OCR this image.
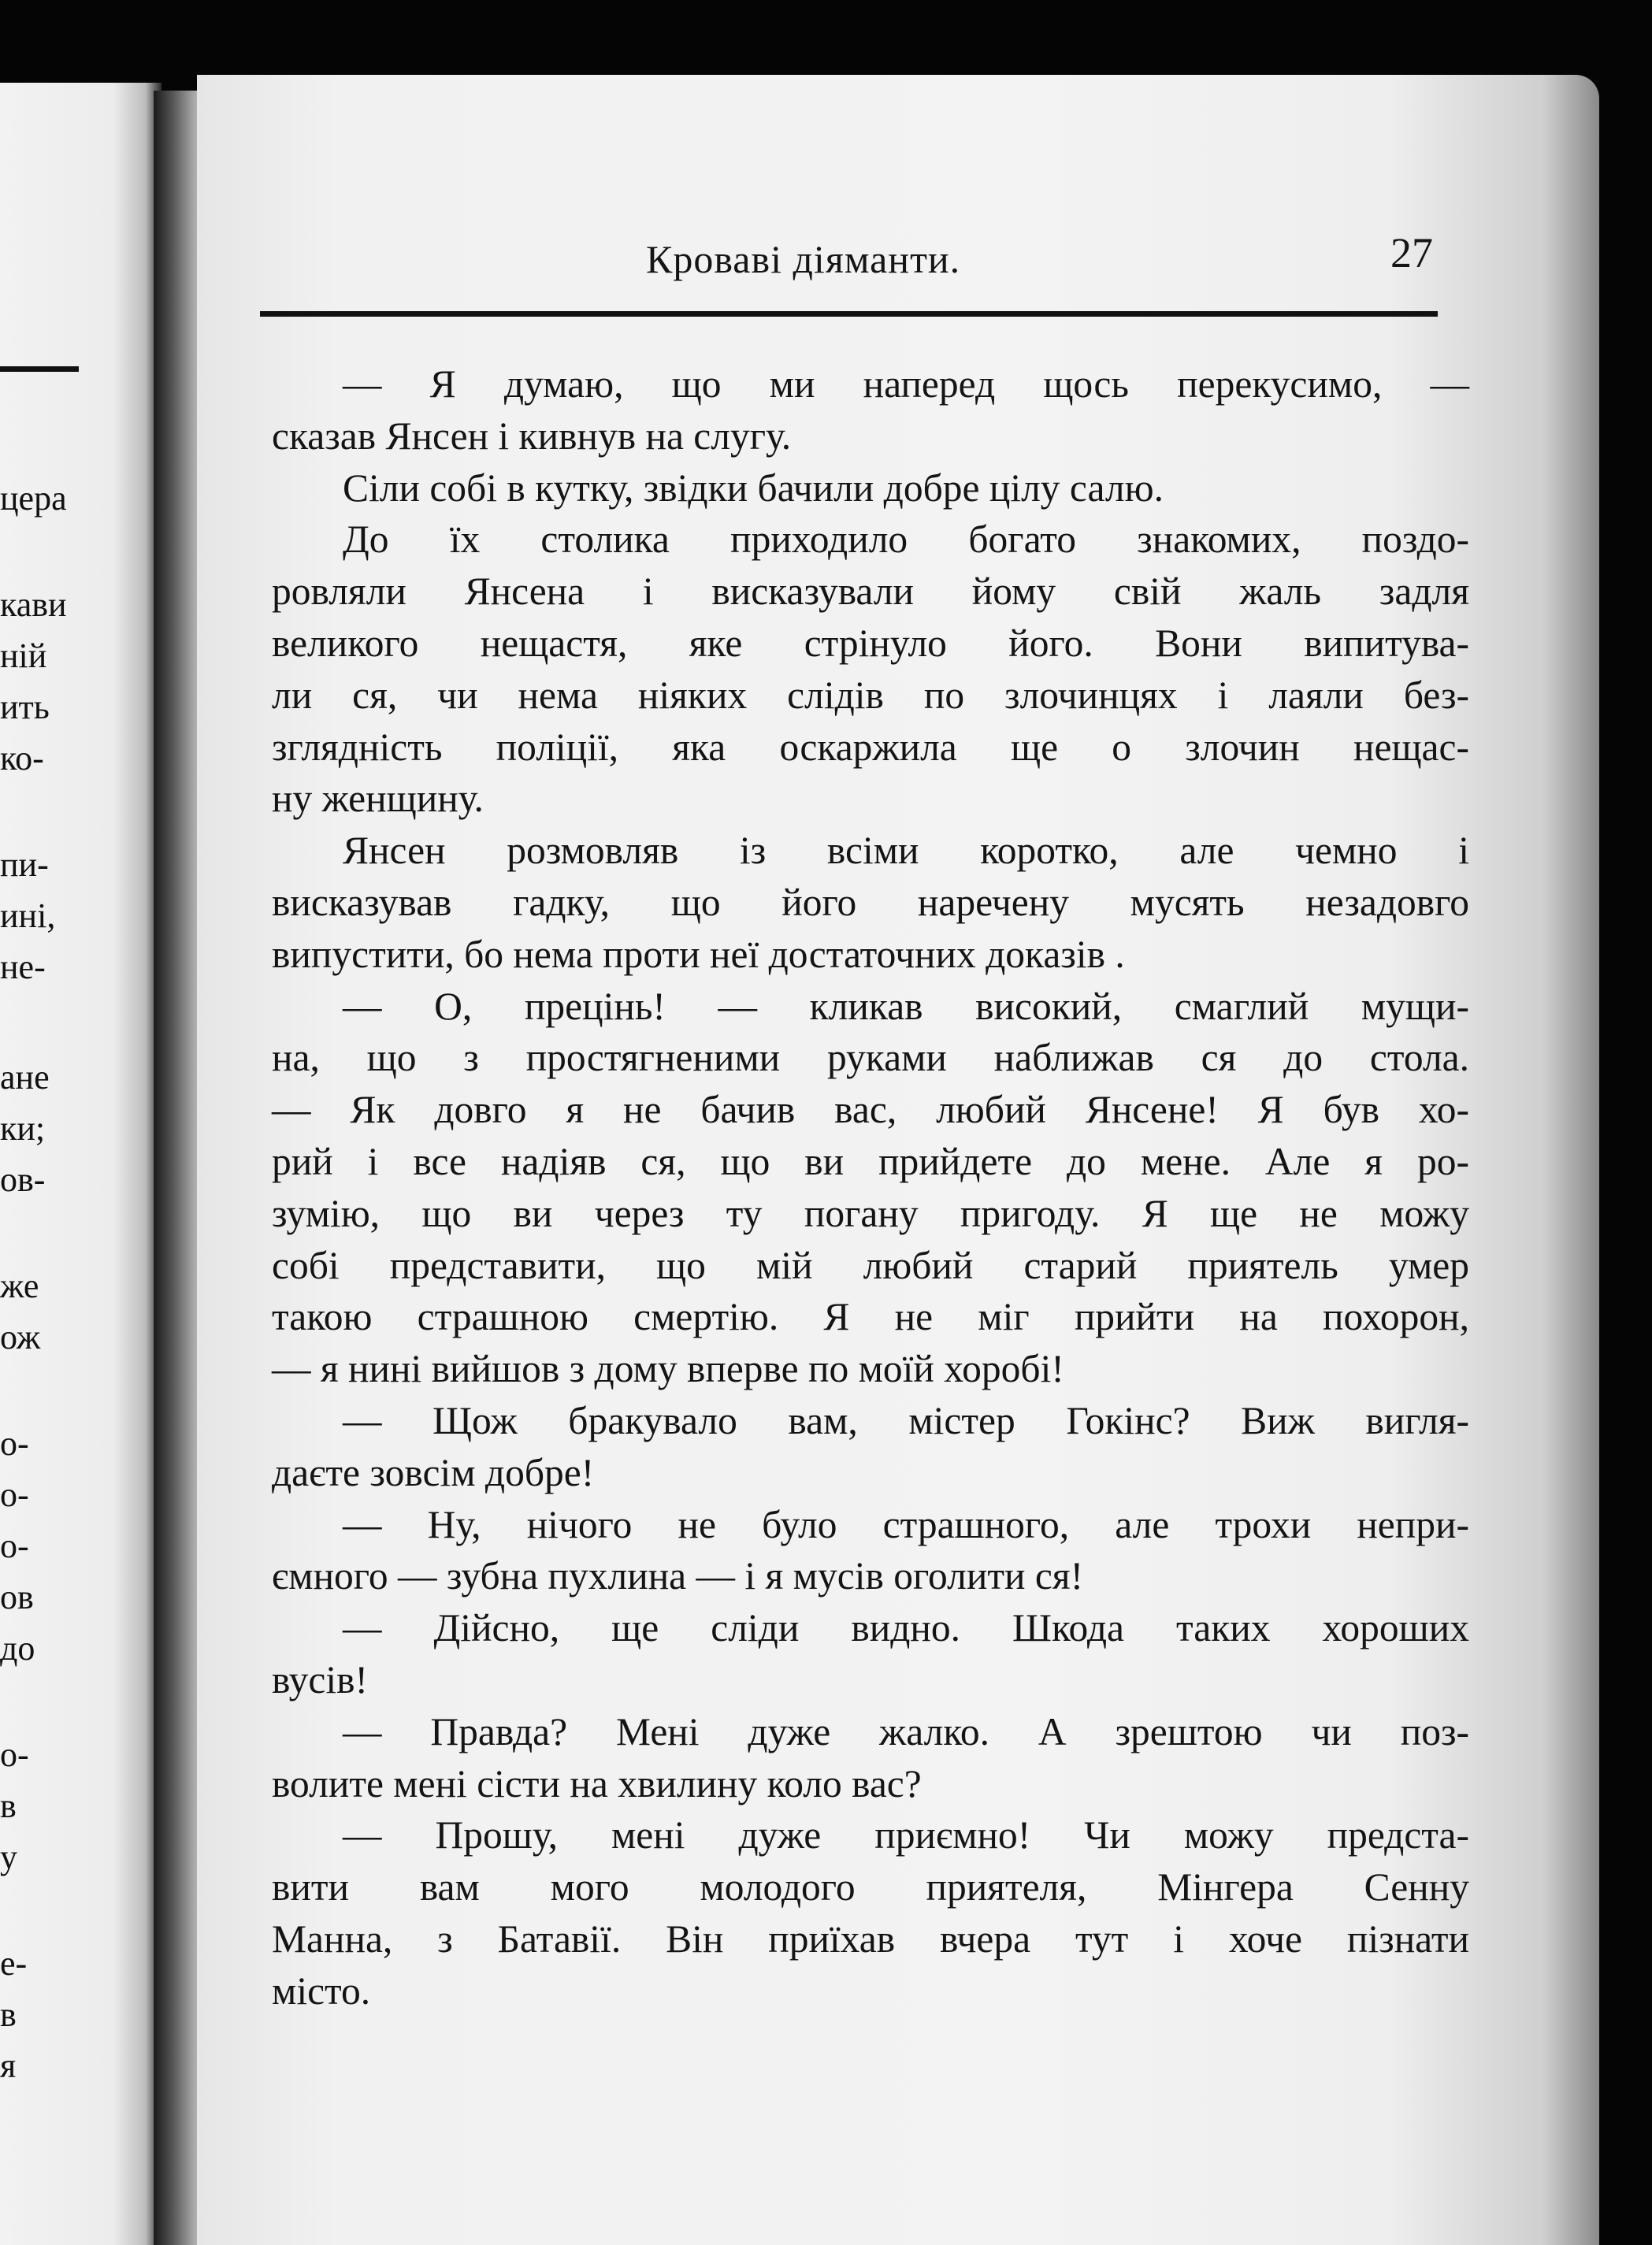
цера
кави
ній
ить
ко-
пи-
инi,
не-
ане
ки;
ов-
же
ож
о-
о-
о-
ов
до
о-
в
у
е-
в
я
Кроваві діяманти.	27
— Я думаю, що ми наперед щось перекусимо, —
сказав Янсен і кивнув на слугу.
Сіли собі в кутку, звідки бачили добре цілу салю.
До їх столика приходило богато знакомих, поздо-
ровляли Янсена і висказували йому свій жаль задля
великого нещастя, яке стрінуло його. Вони випитува-
ли ся, чи нема ніяких слідів по злочинцях і лаяли без-
зглядність поліції, яка оскаржила ще о злочин нещас-
ну женщину.
Янсен розмовляв із всіми коротко, але чемно і
висказував гадку, що його наречену мусять незадовго
випустити, бо нема проти неї достаточних доказів .
— О, прецінь! — кликав високий, смаглий мущи-
на, що з простягненими руками наближав ся до стола.
— Як довго я не бачив вас, любий Янсене! Я був хо-
рий і все надіяв ся, що ви прийдете до мене. Але я ро-
зумію, що ви через ту погану пригоду. Я ще не можу
собі представити, що мій любий старий приятель умер
такою страшною смертію. Я не міг прийти на похорон,
— я нині вийшов з дому вперве по моїй хоробі!
— Щож бракувало вам, містер Гокінс? Виж вигля-
даєте зовсім добре!
— Ну, нічого не було страшного, але трохи непри-
ємного — зубна пухлина — і я мусів оголити ся!
— Дійсно, ще сліди видно. Шкода таких хороших
вусів!
— Правда? Мені дуже жалко. А зрештою чи поз-
волите мені сісти на хвилину коло вас?
— Прошу, мені дуже приємно! Чи можу предста-
вити вам мого молодого приятеля, Мінгера Сенну
Манна, з Батавії. Він приїхав вчера тут і хоче пізнати
місто.
